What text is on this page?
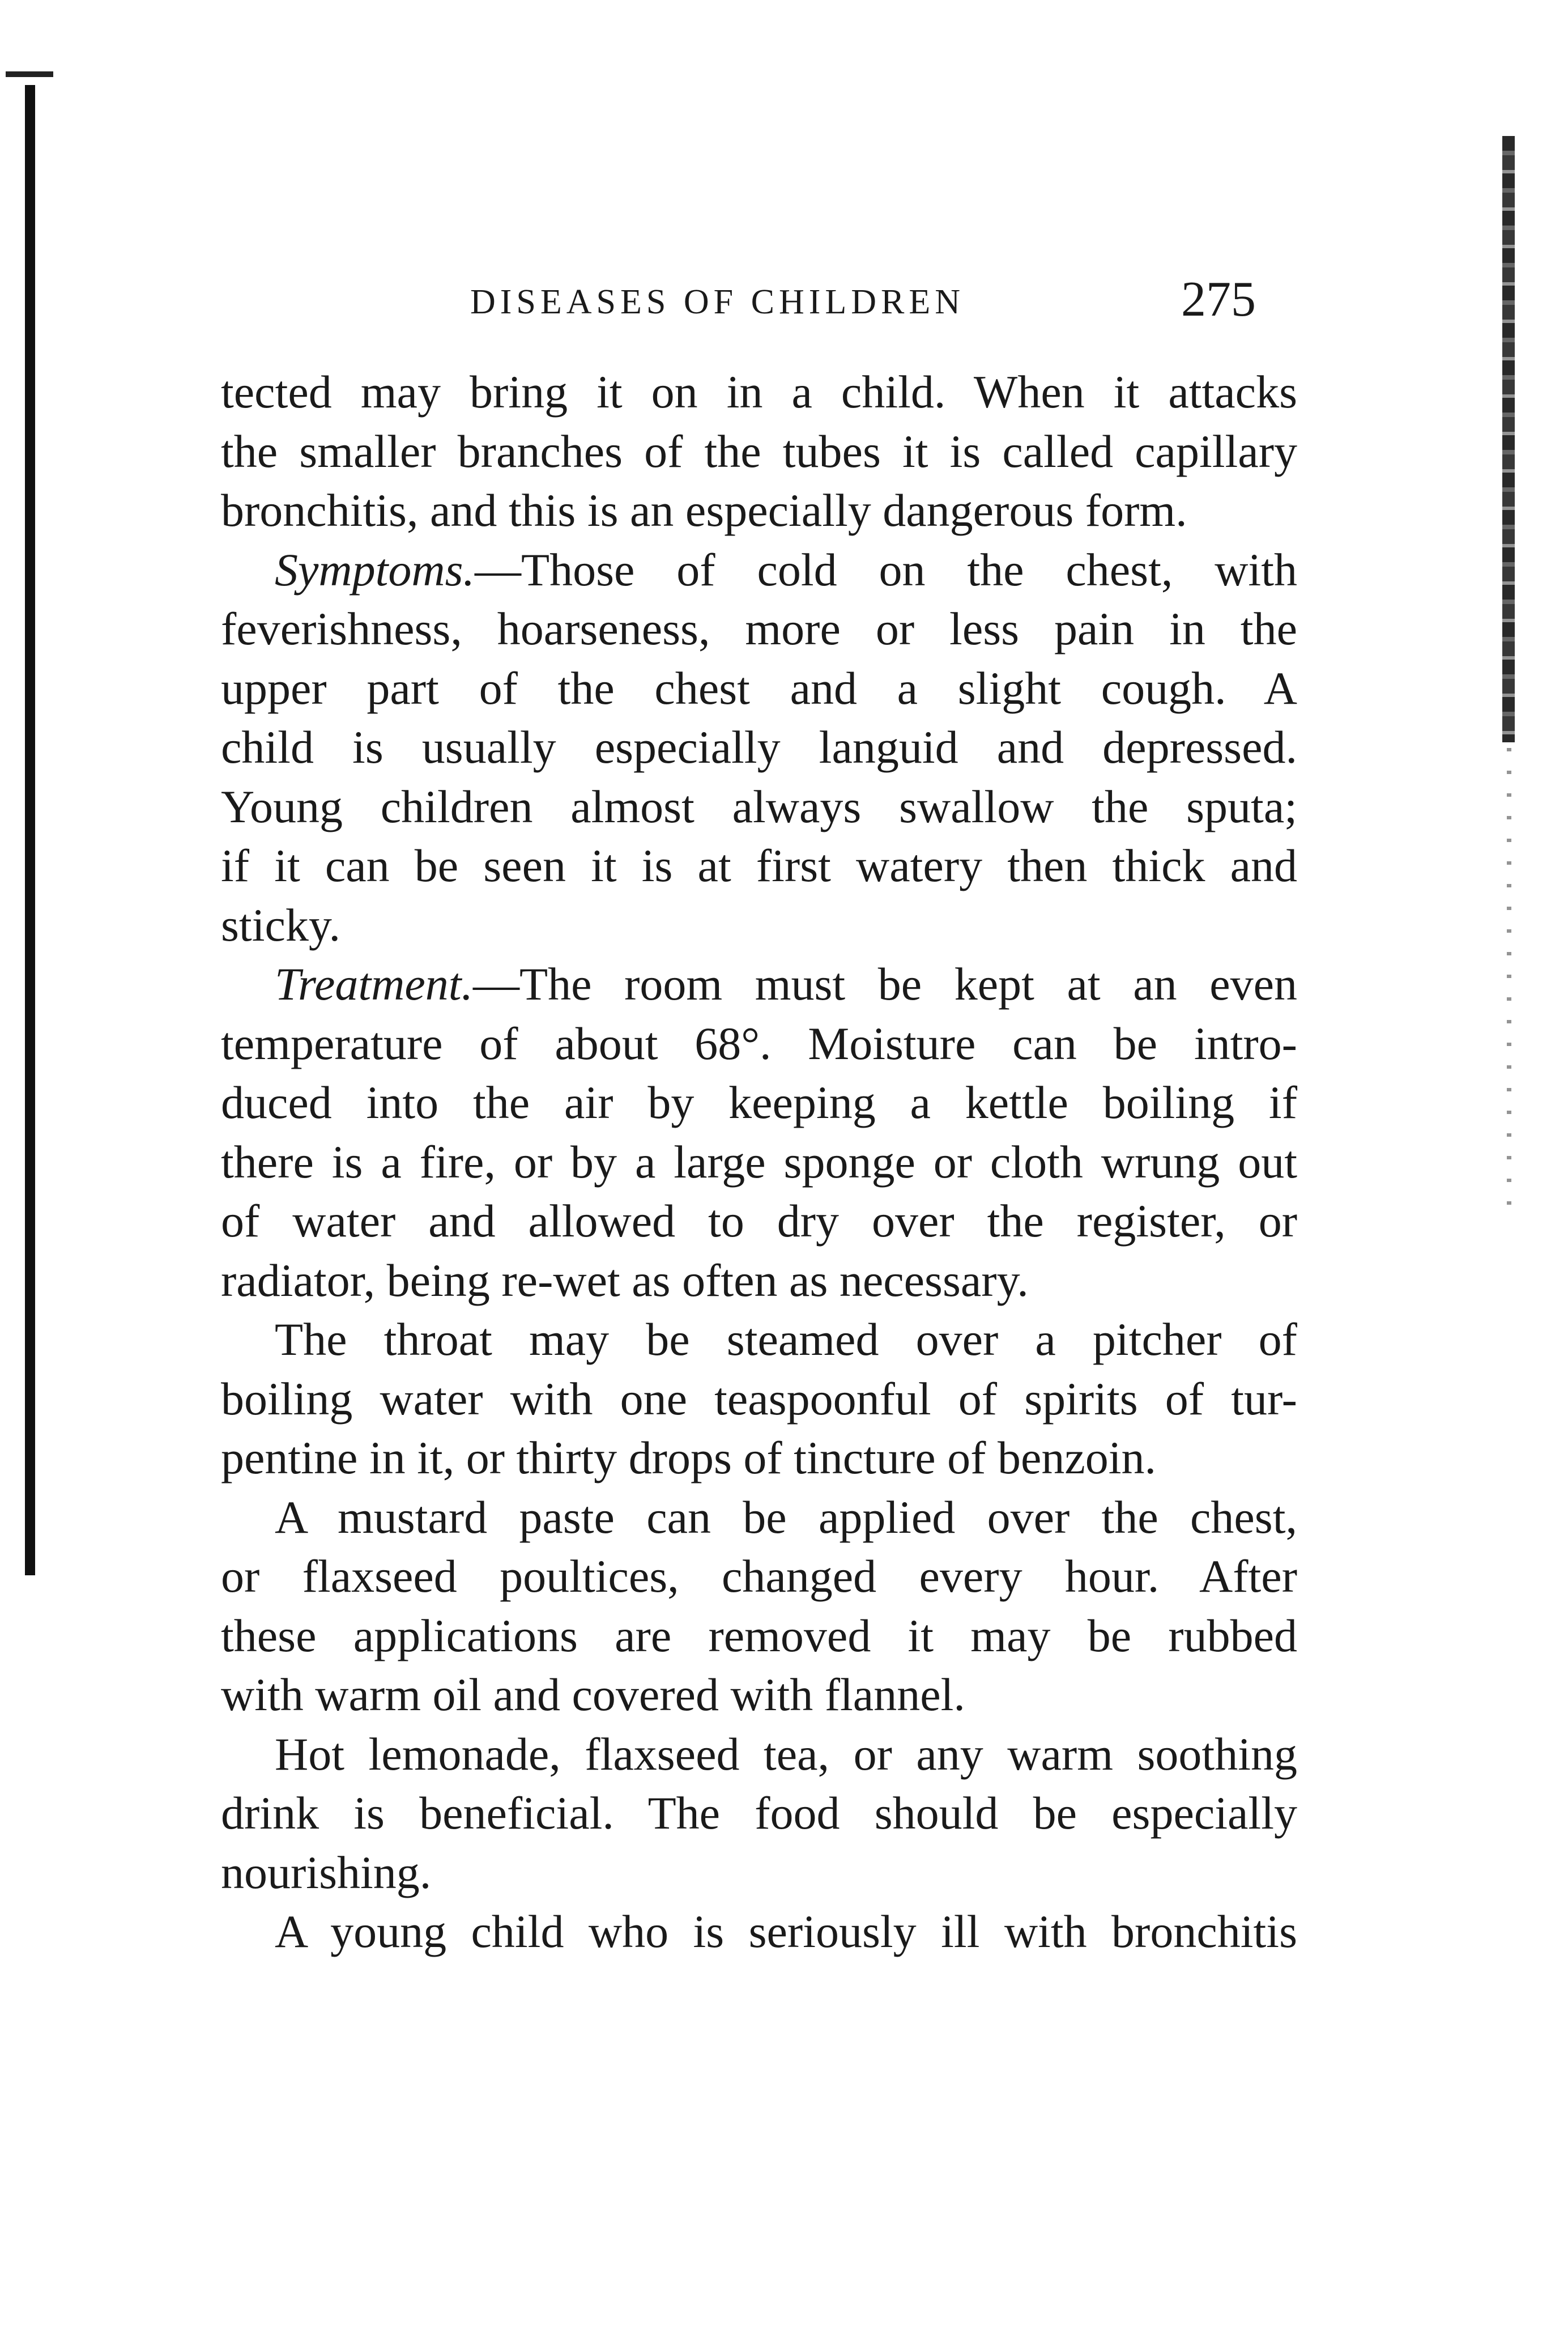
DISEASES OF CHILDREN	275
tected may bring it on in a child. When it attacks
the smaller branches of the tubes it is called capillary
bronchitis, and this is an especially dangerous form.
Symptoms.—Those of cold on the chest, with
feverishness, hoarseness, more or less pain in the
upper part of the chest and a slight cough. A
child is usually especially languid and depressed.
Young children almost always swallow the sputa;
if it can be seen it is at first watery then thick and
sticky.
Treatment.—The room must be kept at an even
temperature of about 68°. Moisture can be intro-
duced into the air by keeping a kettle boiling if
there is a fire, or by a large sponge or cloth wrung out
of water and allowed to dry over the register, or
radiator, being re-wet as often as necessary.
The throat may be steamed over a pitcher of
boiling water with one teaspoonful of spirits of tur-
pentine in it, or thirty drops of tincture of benzoin.
A mustard paste can be applied over the chest,
or flaxseed poultices, changed every hour. After
these applications are removed it may be rubbed
with warm oil and covered with flannel.
Hot lemonade, flaxseed tea, or any warm soothing
drink is beneficial. The food should be especially
nourishing.
A young child who is seriously ill with bronchitis
